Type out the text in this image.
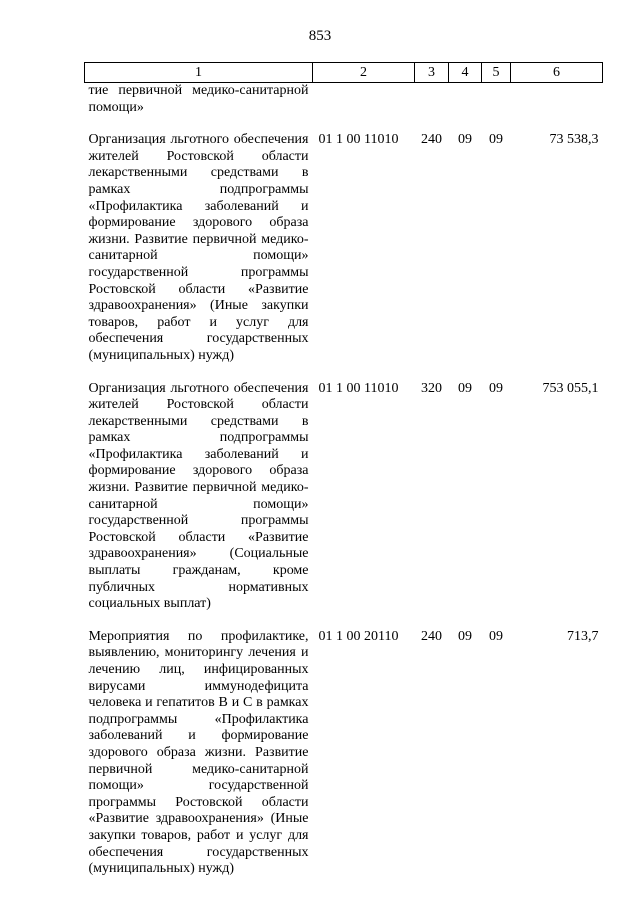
853
1	2	3	4	5	6
тие первичной медико-санитарной помощи»					

Организация льготного обеспечения жителей Ростовской области лекарственными средствами в рамках подпрограммы «Профилактика заболеваний и формирование здорового образа жизни. Развитие первичной медико-санитарной помощи» государственной программы Ростовской области «Развитие здравоохранения» (Иные закупки товаров, работ и услуг для обеспечения государственных (муниципальных) нужд)	01 1 00 11010	240	09	09	73 538,3

Организация льготного обеспечения жителей Ростовской области лекарственными средствами в рамках подпрограммы «Профилактика заболеваний и формирование здорового образа жизни. Развитие первичной медико-санитарной помощи» государственной программы Ростовской области «Развитие здравоохранения» (Социальные выплаты гражданам, кроме публичных нормативных социальных выплат)	01 1 00 11010	320	09	09	753 055,1

Мероприятия по профилактике, выявлению, мониторингу лечения и лечению лиц, инфицированных вирусами иммунодефицита человека и гепатитов В и С в рамках подпрограммы «Профилактика заболеваний и формирование здорового образа жизни. Развитие первичной медико-санитарной помощи» государственной программы Ростовской области «Развитие здравоохранения» (Иные закупки товаров, работ и услуг для обеспечения государственных (муниципальных) нужд)	01 1 00 20110	240	09	09	713,7
